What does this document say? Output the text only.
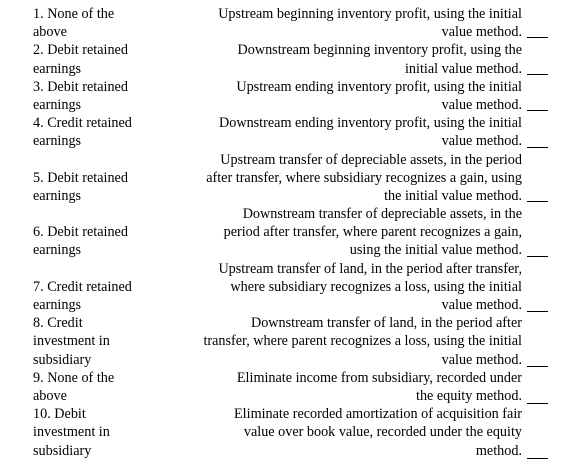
1. None of the
above
2. Debit retained
earnings
3. Debit retained
earnings
4. Credit retained
earnings
5. Debit retained
earnings
6. Debit retained
earnings
7. Credit retained
earnings
8. Credit
investment in
subsidiary
9. None of the
above
10. Debit
investment in
subsidiary
Upstream beginning inventory profit, using the initial
value method.
Downstream beginning inventory profit, using the
initial value method.
Upstream ending inventory profit, using the initial
value method.
Downstream ending inventory profit, using the initial
value method.
Upstream transfer of depreciable assets, in the period
after transfer, where subsidiary recognizes a gain, using
the initial value method.
Downstream transfer of depreciable assets, in the
period after transfer, where parent recognizes a gain,
using the initial value method.
Upstream transfer of land, in the period after transfer,
where subsidiary recognizes a loss, using the initial
value method.
Downstream transfer of land, in the period after
transfer, where parent recognizes a loss, using the initial
value method.
Eliminate income from subsidiary, recorded under
the equity method.
Eliminate recorded amortization of acquisition fair
value over book value, recorded under the equity
method.
